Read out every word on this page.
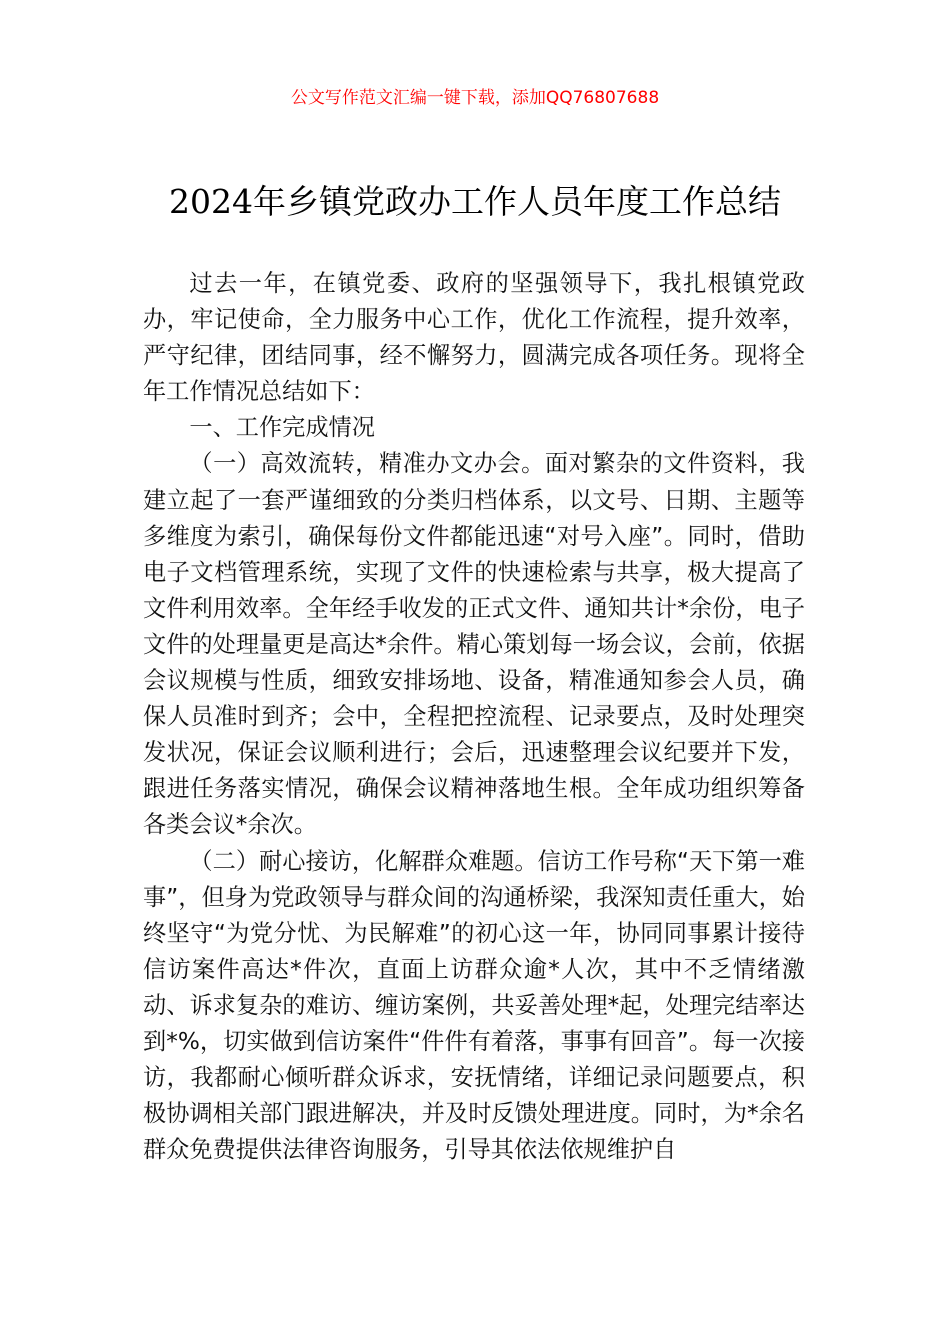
公文写作范文汇编一键下载，添加QQ76807688
2024年乡镇党政办工作人员年度工作总结

过去一年，在镇党委、政府的坚强领导下，我扎根镇党政办，牢记使命，全力服务中心工作，优化工作流程，提升效率，严守纪律，团结同事，经不懈努力，圆满完成各项任务。现将全年工作情况总结如下：

一、工作完成情况

（一）高效流转，精准办文办会。面对繁杂的文件资料，我建立起了一套严谨细致的分类归档体系，以文号、日期、主题等多维度为索引，确保每份文件都能迅速“对号入座”。同时，借助电子文档管理系统，实现了文件的快速检索与共享，极大提高了文件利用效率。全年经手收发的正式文件、通知共计*余份，电子文件的处理量更是高达*余件。精心策划每一场会议，会前，依据会议规模与性质，细致安排场地、设备，精准通知参会人员，确保人员准时到齐；会中，全程把控流程、记录要点，及时处理突发状况，保证会议顺利进行；会后，迅速整理会议纪要并下发，跟进任务落实情况，确保会议精神落地生根。全年成功组织筹备各类会议*余次。

（二）耐心接访，化解群众难题。信访工作号称“天下第一难事”，但身为党政领导与群众间的沟通桥梁，我深知责任重大，始终坚守“为党分忧、为民解难”的初心这一年，协同同事累计接待信访案件高达*件次，直面上访群众逾*人次，其中不乏情绪激动、诉求复杂的难访、缠访案例，共妥善处理*起，处理完结率达到*%，切实做到信访案件“件件有着落，事事有回音”。每一次接访，我都耐心倾听群众诉求，安抚情绪，详细记录问题要点，积极协调相关部门跟进解决，并及时反馈处理进度。同时，为*余名群众免费提供法律咨询服务，引导其依法依规维护自
